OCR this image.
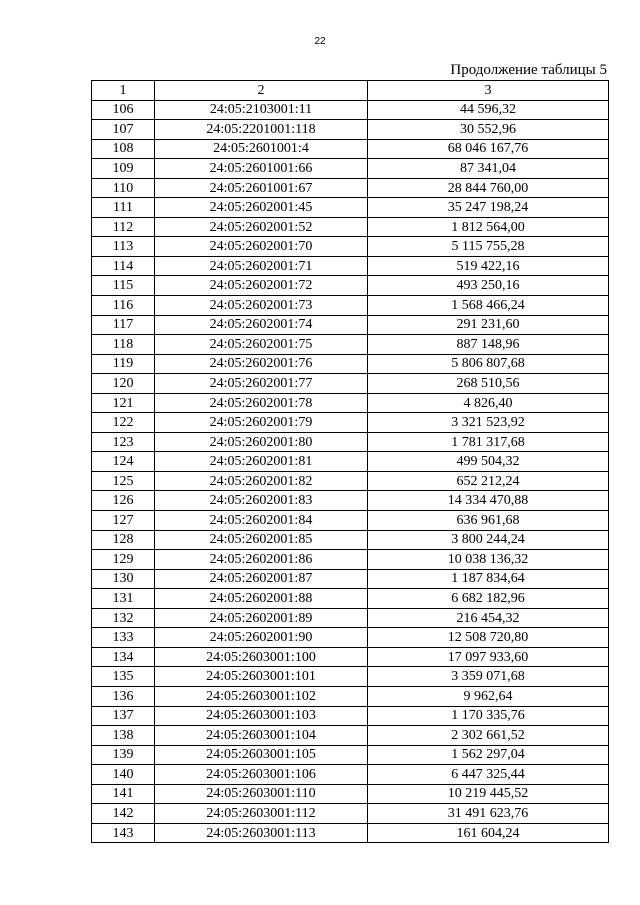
22
Продолжение таблицы 5
1	2	3
106	24:05:2103001:11	44 596,32
107	24:05:2201001:118	30 552,96
108	24:05:2601001:4	68 046 167,76
109	24:05:2601001:66	87 341,04
110	24:05:2601001:67	28 844 760,00
111	24:05:2602001:45	35 247 198,24
112	24:05:2602001:52	1 812 564,00
113	24:05:2602001:70	5 115 755,28
114	24:05:2602001:71	519 422,16
115	24:05:2602001:72	493 250,16
116	24:05:2602001:73	1 568 466,24
117	24:05:2602001:74	291 231,60
118	24:05:2602001:75	887 148,96
119	24:05:2602001:76	5 806 807,68
120	24:05:2602001:77	268 510,56
121	24:05:2602001:78	4 826,40
122	24:05:2602001:79	3 321 523,92
123	24:05:2602001:80	1 781 317,68
124	24:05:2602001:81	499 504,32
125	24:05:2602001:82	652 212,24
126	24:05:2602001:83	14 334 470,88
127	24:05:2602001:84	636 961,68
128	24:05:2602001:85	3 800 244,24
129	24:05:2602001:86	10 038 136,32
130	24:05:2602001:87	1 187 834,64
131	24:05:2602001:88	6 682 182,96
132	24:05:2602001:89	216 454,32
133	24:05:2602001:90	12 508 720,80
134	24:05:2603001:100	17 097 933,60
135	24:05:2603001:101	3 359 071,68
136	24:05:2603001:102	9 962,64
137	24:05:2603001:103	1 170 335,76
138	24:05:2603001:104	2 302 661,52
139	24:05:2603001:105	1 562 297,04
140	24:05:2603001:106	6 447 325,44
141	24:05:2603001:110	10 219 445,52
142	24:05:2603001:112	31 491 623,76
143	24:05:2603001:113	161 604,24
